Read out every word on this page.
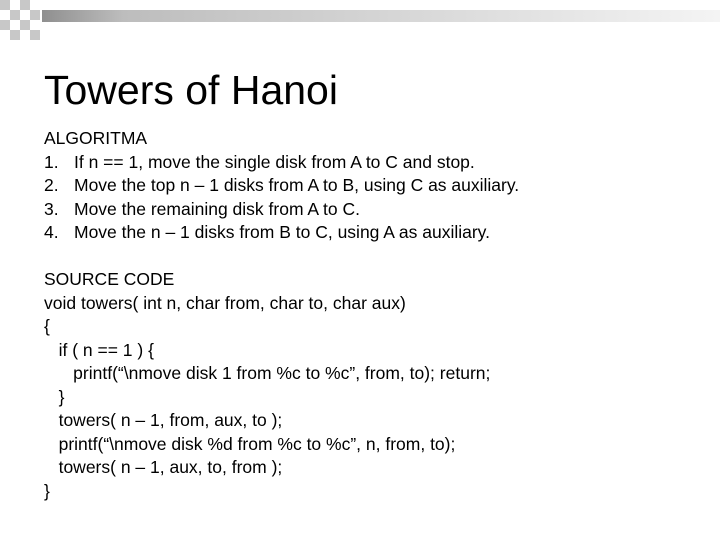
Towers of Hanoi
ALGORITMA
1. If n == 1, move the single disk from A to C and stop.
2. Move the top n – 1 disks from A to B, using C as auxiliary.
3. Move the remaining disk from A to C.
4. Move the n – 1 disks from B to C, using A as auxiliary.
SOURCE CODE
void towers( int n, char from, char to, char aux)
{
if ( n == 1 ) {
printf(“\nmove disk 1 from %c to %c”, from, to); return;
}
towers( n – 1, from, aux, to );
printf(“\nmove disk %d from %c to %c”, n, from, to);
towers( n – 1, aux, to, from );
}
